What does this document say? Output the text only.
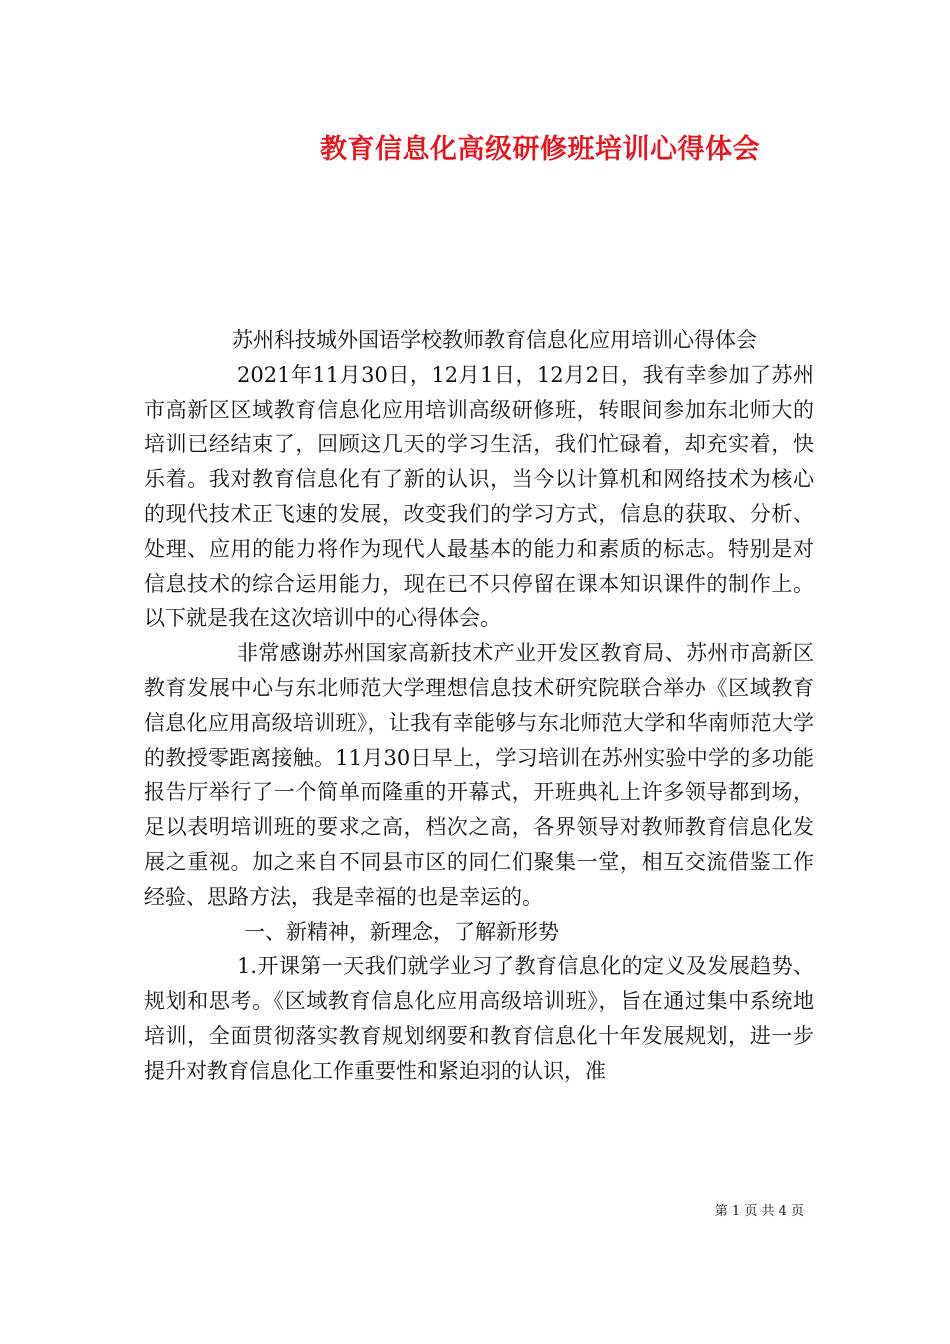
教育信息化高级研修班培训心得体会

苏州科技城外国语学校教师教育信息化应用培训心得体会

2021年11月30日，12月1日，12月2日，我有幸参加了苏州市高新区区域教育信息化应用培训高级研修班，转眼间参加东北师大的培训已经结束了，回顾这几天的学习生活，我们忙碌着，却充实着，快乐着。我对教育信息化有了新的认识，当今以计算机和网络技术为核心的现代技术正飞速的发展，改变我们的学习方式，信息的获取、分析、处理、应用的能力将作为现代人最基本的能力和素质的标志。特别是对信息技术的综合运用能力，现在已不只停留在课本知识课件的制作上。以下就是我在这次培训中的心得体会。

非常感谢苏州国家高新技术产业开发区教育局、苏州市高新区教育发展中心与东北师范大学理想信息技术研究院联合举办《区域教育信息化应用高级培训班》，让我有幸能够与东北师范大学和华南师范大学的教授零距离接触。11月30日早上，学习培训在苏州实验中学的多功能报告厅举行了一个简单而隆重的开幕式，开班典礼上许多领导都到场，足以表明培训班的要求之高，档次之高，各界领导对教师教育信息化发展之重视。加之来自不同县市区的同仁们聚集一堂，相互交流借鉴工作经验、思路方法，我是幸福的也是幸运的。

一、新精神，新理念，了解新形势

1.开课第一天我们就学业习了教育信息化的定义及发展趋势、规划和思考。《区域教育信息化应用高级培训班》，旨在通过集中系统地培训，全面贯彻落实教育规划纲要和教育信息化十年发展规划，进一步提升对教育信息化工作重要性和紧迫羽的认识，准

第 1 页 共 4 页
